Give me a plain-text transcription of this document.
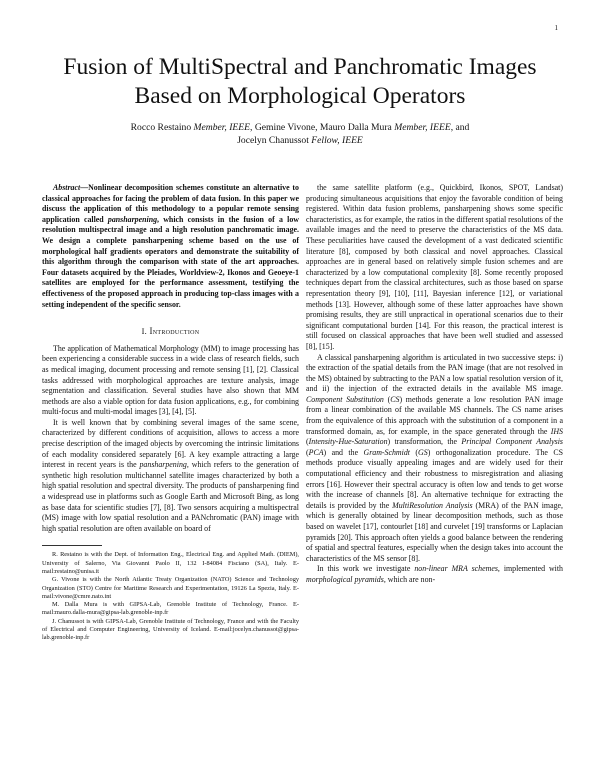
1
Fusion of MultiSpectral and Panchromatic Images Based on Morphological Operators
Rocco Restaino Member, IEEE, Gemine Vivone, Mauro Dalla Mura Member, IEEE, and
Jocelyn Chanussot Fellow, IEEE

Abstract—Nonlinear decomposition schemes constitute an alternative to classical approaches for facing the problem of data fusion. In this paper we discuss the application of this methodology to a popular remote sensing application called pansharpening, which consists in the fusion of a low resolution multispectral image and a high resolution panchromatic image. We design a complete pansharpening scheme based on the use of morphological half gradients operators and demonstrate the suitability of this algorithm through the comparison with state of the art approaches. Four datasets acquired by the Pleiades, Worldview-2, Ikonos and Geoeye-1 satellites are employed for the performance assessment, testifying the effectiveness of the proposed approach in producing top-class images with a setting independent of the specific sensor.

I. Introduction

The application of Mathematical Morphology (MM) to image processing has been experiencing a considerable success in a wide class of research fields, such as medical imaging, document processing and remote sensing [1], [2]. Classical tasks addressed with morphological approaches are texture analysis, image segmentation and classification. Several studies have also shown that MM methods are also a viable option for data fusion applications, e.g., for combining multi-focus and multi-modal images [3], [4], [5].

It is well known that by combining several images of the same scene, characterized by different conditions of acquisition, allows to access a more precise description of the imaged objects by overcoming the intrinsic limitations of each modality considered separately [6]. A key example attracting a large interest in recent years is the pansharpening, which refers to the generation of synthetic high resolution multichannel satellite images characterized by both a high spatial resolution and spectral diversity. The products of pansharpening find a widespread use in platforms such as Google Earth and Microsoft Bing, as long as base data for scientific studies [7], [8]. Two sensors acquiring a multispectral (MS) image with low spatial resolution and a PANchromatic (PAN) image with high spatial resolution are often available on board of

R. Restaino is with the Dept. of Information Eng., Electrical Eng. and Applied Math. (DIEM), University of Salerno, Via Giovanni Paolo II, 132 I-84084 Fisciano (SA), Italy. E-mail:restaino@unisa.it

G. Vivone is with the North Atlantic Treaty Organization (NATO) Science and Technology Organization (STO) Centre for Maritime Research and Experimentation, 19126 La Spezia, Italy. E-mail:vivone@cmre.nato.int

M. Dalla Mura is with GIPSA-Lab, Grenoble Institute of Technology, France. E-mail:mauro.dalla-mura@gipsa-lab.grenoble-inp.fr

J. Chanussot is with GIPSA-Lab, Grenoble Institute of Technology, France and with the Faculty of Electrical and Computer Engineering, University of Iceland. E-mail:jocelyn.chanussot@gipsa-lab.grenoble-inp.fr

the same satellite platform (e.g., Quickbird, Ikonos, SPOT, Landsat) producing simultaneous acquisitions that enjoy the favorable condition of being registered. Within data fusion problems, pansharpening shows some specific characteristics, as for example, the ratios in the different spatial resolutions of the available images and the need to preserve the characteristics of the MS data. These peculiarities have caused the development of a vast dedicated scientific literature [8], composed by both classical and novel approaches. Classical approaches are in general based on relatively simple fusion schemes and are characterized by a low computational complexity [8]. Some recently proposed techniques depart from the classical architectures, such as those based on sparse representation theory [9], [10], [11], Bayesian inference [12], or variational methods [13]. However, although some of these latter approaches have shown promising results, they are still unpractical in operational scenarios due to their significant computational burden [14]. For this reason, the practical interest is still focused on classical approaches that have been well studied and assessed [8], [15].

A classical pansharpening algorithm is articulated in two successive steps: i) the extraction of the spatial details from the PAN image (that are not resolved in the MS) obtained by subtracting to the PAN a low spatial resolution version of it, and ii) the injection of the extracted details in the available MS image. Component Substitution (CS) methods generate a low resolution PAN image from a linear combination of the available MS channels. The CS name arises from the equivalence of this approach with the substitution of a component in a transformed domain, as, for example, in the space generated through the IHS (Intensity-Hue-Saturation) transformation, the Principal Component Analysis (PCA) and the Gram-Schmidt (GS) orthogonalization procedure. The CS methods produce visually appealing images and are widely used for their computational efficiency and their robustness to misregistration and aliasing errors [16]. However their spectral accuracy is often low and tends to get worse with the increase of channels [8]. An alternative technique for extracting the details is provided by the MultiResolution Analysis (MRA) of the PAN image, which is generally obtained by linear decomposition methods, such as those based on wavelet [17], contourlet [18] and curvelet [19] transforms or Laplacian pyramids [20]. This approach often yields a good balance between the rendering of spatial and spectral features, especially when the design takes into account the characteristics of the MS sensor [8].

In this work we investigate non-linear MRA schemes, implemented with morphological pyramids, which are non-
